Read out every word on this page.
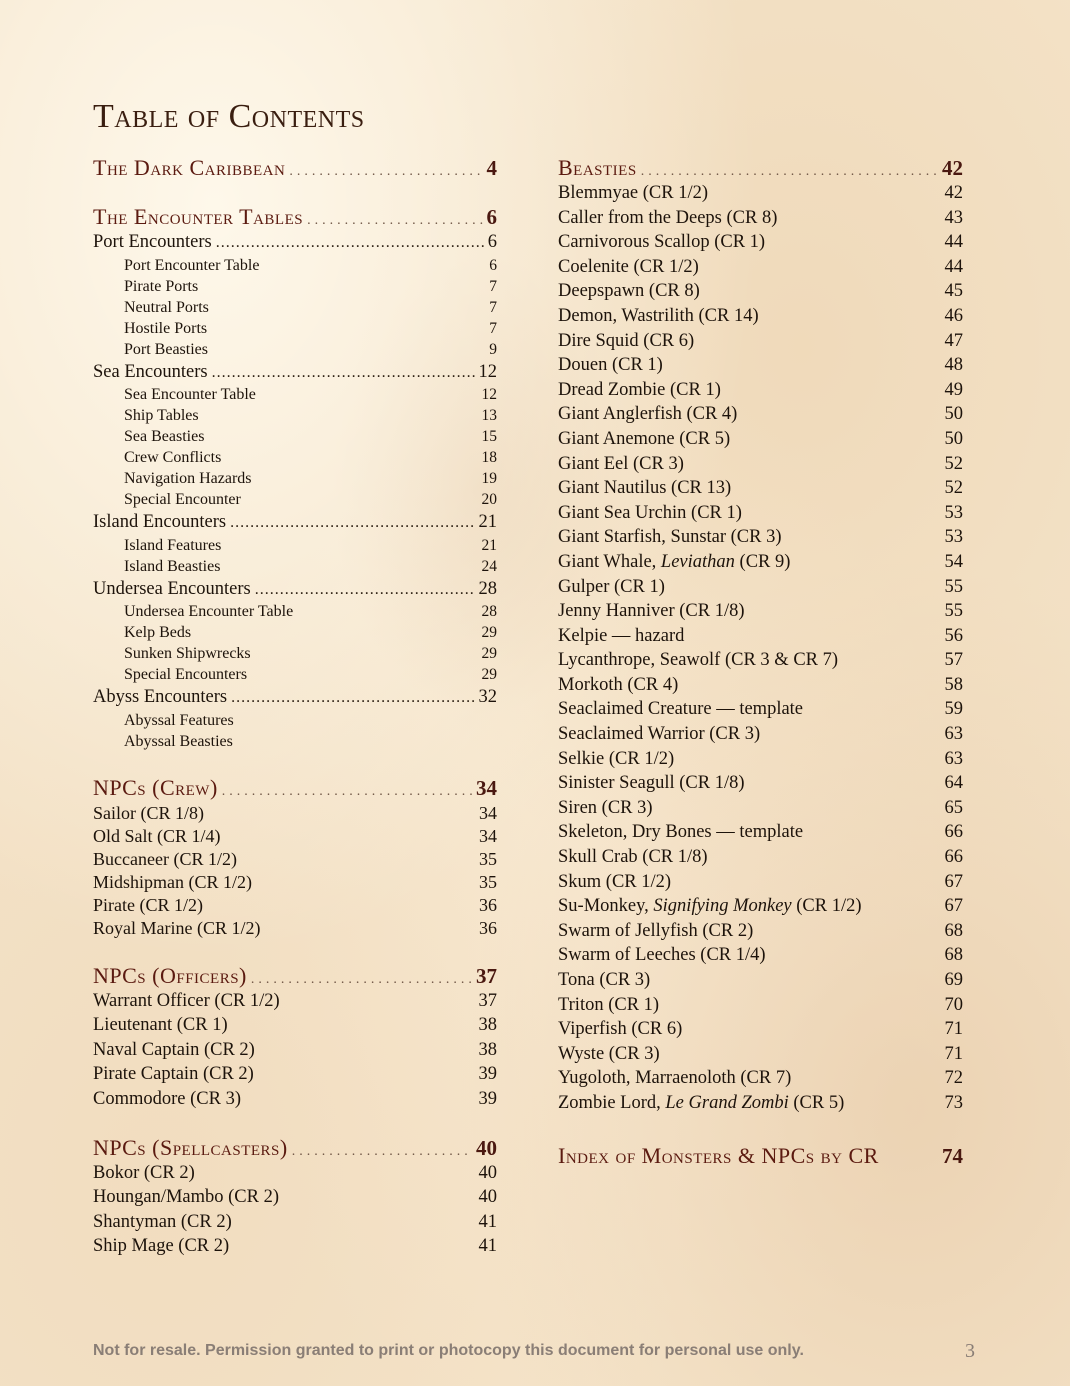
Table of Contents
The Dark Caribbean .....	4
The Encounter Tables .....	6
Port Encounters .....	6
Port Encounter Table	6
Pirate Ports	7
Neutral Ports	7
Hostile Ports	7
Port Beasties	9
Sea Encounters .....	12
Sea Encounter Table	12
Ship Tables	13
Sea Beasties	15
Crew Conflicts	18
Navigation Hazards	19
Special Encounter	20
Island Encounters .....	21
Island Features	21
Island Beasties	24
Undersea Encounters .....	28
Undersea Encounter Table	28
Kelp Beds	29
Sunken Shipwrecks	29
Special Encounters	29
Abyss Encounters .....	32
Abyssal Features
Abyssal Beasties
NPCs (Crew) .....	34
Sailor (CR 1/8)	34
Old Salt (CR 1/4)	34
Buccaneer (CR 1/2)	35
Midshipman (CR 1/2)	35
Pirate (CR 1/2)	36
Royal Marine (CR 1/2)	36
NPCs (Officers) .....	37
Warrant Officer (CR 1/2)	37
Lieutenant (CR 1)	38
Naval Captain (CR 2)	38
Pirate Captain (CR 2)	39
Commodore (CR 3)	39
NPCs (Spellcasters) .....	40
Bokor (CR 2)	40
Houngan/Mambo (CR 2)	40
Shantyman (CR 2)	41
Ship Mage (CR 2)	41
Beasties .....	42
Blemmyae (CR 1/2)	42
Caller from the Deeps (CR 8)	43
Carnivorous Scallop (CR 1)	44
Coelenite (CR 1/2)	44
Deepspawn (CR 8)	45
Demon, Wastrilith (CR 14)	46
Dire Squid (CR 6)	47
Douen (CR 1)	48
Dread Zombie (CR 1)	49
Giant Anglerfish (CR 4)	50
Giant Anemone (CR 5)	50
Giant Eel (CR 3)	52
Giant Nautilus (CR 13)	52
Giant Sea Urchin (CR 1)	53
Giant Starfish, Sunstar (CR 3)	53
Giant Whale, Leviathan (CR 9)	54
Gulper (CR 1)	55
Jenny Hanniver (CR 1/8)	55
Kelpie — hazard	56
Lycanthrope, Seawolf (CR 3 & CR 7)	57
Morkoth (CR 4)	58
Seaclaimed Creature — template	59
Seaclaimed Warrior (CR 3)	63
Selkie (CR 1/2)	63
Sinister Seagull (CR 1/8)	64
Siren (CR 3)	65
Skeleton, Dry Bones — template	66
Skull Crab (CR 1/8)	66
Skum (CR 1/2)	67
Su-Monkey, Signifying Monkey (CR 1/2)	67
Swarm of Jellyfish (CR 2)	68
Swarm of Leeches (CR 1/4)	68
Tona (CR 3)	69
Triton (CR 1)	70
Viperfish (CR 6)	71
Wyste (CR 3)	71
Yugoloth, Marraenoloth (CR 7)	72
Zombie Lord, Le Grand Zombi (CR 5)	73
Index of Monsters & NPCs by CR	74
Not for resale. Permission granted to print or photocopy this document for personal use only.	3
